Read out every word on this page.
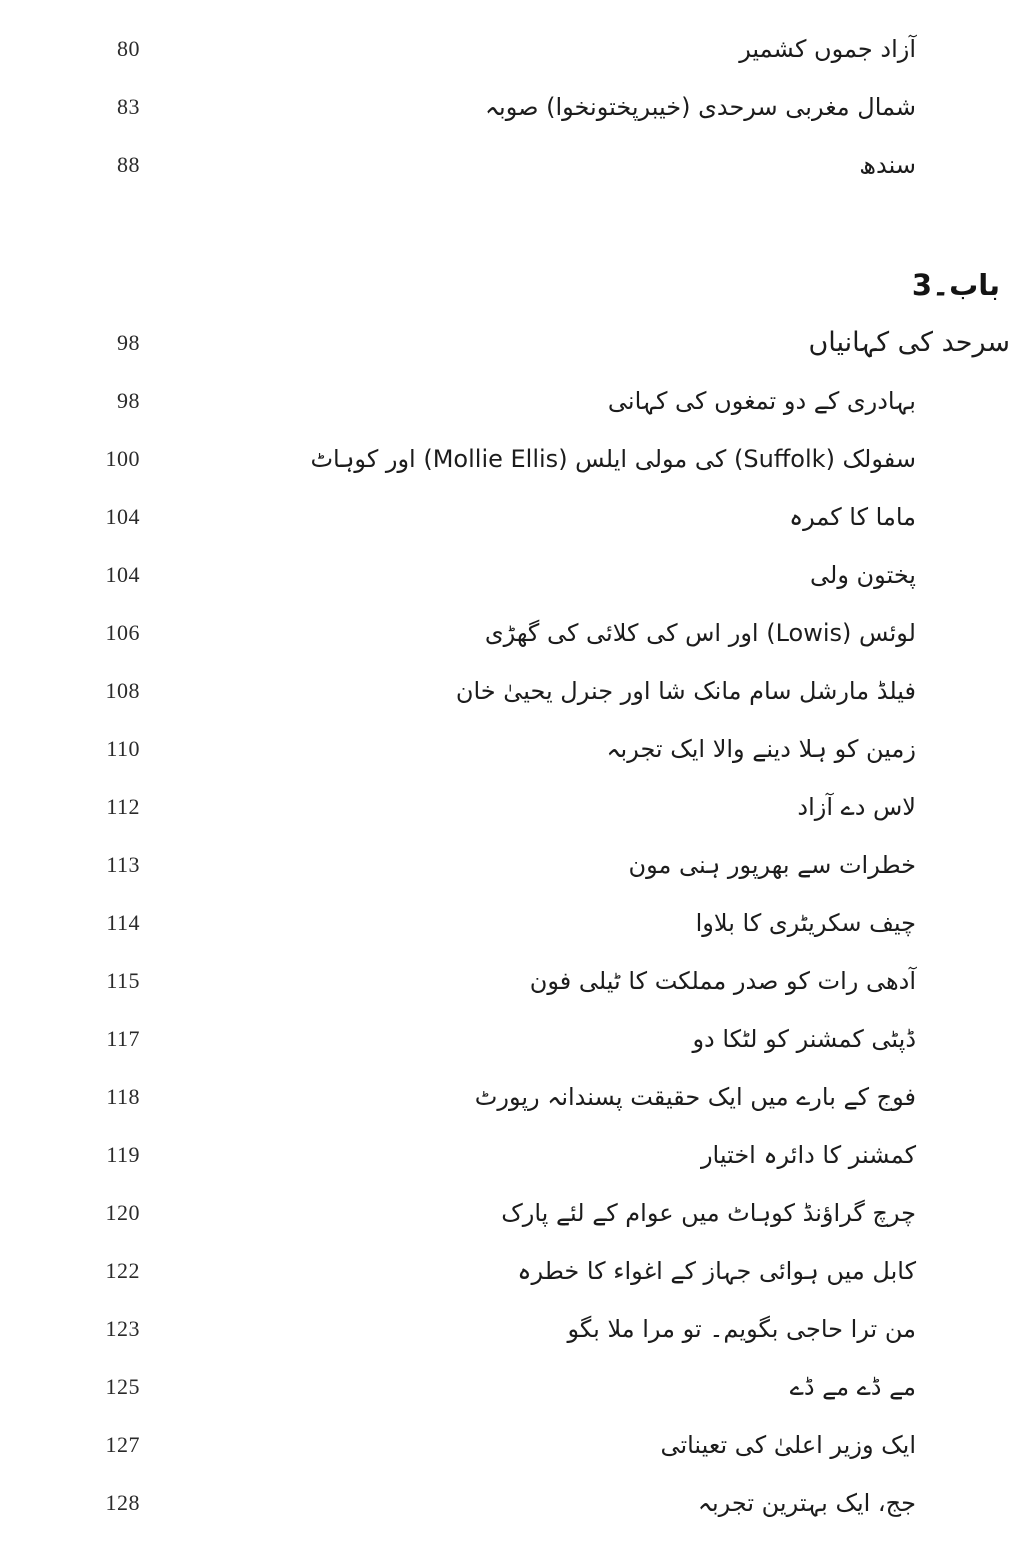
80	آزاد جموں کشمیر
83	شمال مغربی سرحدی (خیبرپختونخوا) صوبہ
88	سندھ
باب۔3
98	سرحد کی کہانیاں
98	بہادری کے دو تمغوں کی کہانی
100	سفولک (Suffolk) کی مولی ایلس (Mollie Ellis) اور کوہاٹ
104	ماما کا کمرہ
104	پختون ولی
106	لوئس (Lowis) اور اس کی کلائی کی گھڑی
108	فیلڈ مارشل سام مانک شا اور جنرل یحییٰ خان
110	زمین کو ہلا دینے والا ایک تجربہ
112	لاس دے آزاد
113	خطرات سے بھرپور ہنی مون
114	چیف سکریٹری کا بلاوا
115	آدھی رات کو صدر مملکت کا ٹیلی فون
117	ڈپٹی کمشنر کو لٹکا دو
118	فوج کے بارے میں ایک حقیقت پسندانہ رپورٹ
119	کمشنر کا دائرہ اختیار
120	چرچ گراؤنڈ کوہاٹ میں عوام کے لئے پارک
122	کابل میں ہوائی جہاز کے اغواء کا خطرہ
123	من ترا حاجی بگویم۔ تو مرا ملا بگو
125	مے ڈے مے ڈے
127	ایک وزیر اعلیٰ کی تعیناتی
128	جج، ایک بہترین تجربہ
